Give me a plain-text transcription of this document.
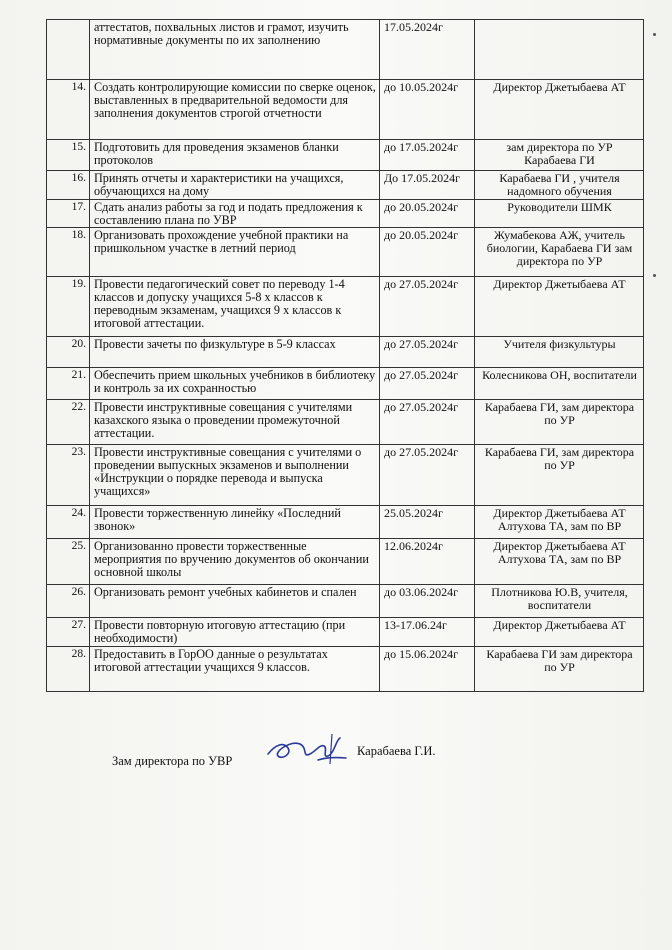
	аттестатов, похвальных листов и грамот, изучить нормативные документы по их заполнению	17.05.2024г	
14.	Создать контролирующие комиссии по сверке оценок, выставленных в предварительной ведомости для заполнения документов строгой отчетности	до 10.05.2024г	Директор Джетыбаева АТ
15.	Подготовить для проведения экзаменов бланки протоколов	до 17.05.2024г	зам директора по УР Карабаева ГИ
16.	Принять отчеты и характеристики на учащихся, обучающихся на дому	До 17.05.2024г	Карабаева ГИ , учителя надомного обучения
17.	Сдать анализ работы за год и подать предложения к составлению плана по УВР	до 20.05.2024г	Руководители ШМК
18.	Организовать прохождение учебной практики на пришкольном участке в летний период	до 20.05.2024г	Жумабекова АЖ, учитель биологии, Карабаева ГИ зам директора по УР
19.	Провести педагогический совет по переводу 1-4 классов и допуску учащихся 5-8 х классов к переводным экзаменам, учащихся 9 х классов к итоговой аттестации.	до 27.05.2024г	Директор Джетыбаева АТ
20.	Провести зачеты по физкультуре в 5-9 классах	до 27.05.2024г	Учителя физкультуры
21.	Обеспечить прием школьных учебников в библиотеку и контроль за их сохранностью	до 27.05.2024г	Колесникова ОН, воспитатели
22.	Провести инструктивные совещания с учителями казахского языка о проведении промежуточной аттестации.	до 27.05.2024г	Карабаева ГИ, зам директора по УР
23.	Провести инструктивные совещания с учителями о проведении выпускных экзаменов и выполнении «Инструкции о порядке перевода и выпуска учащихся»	до 27.05.2024г	Карабаева ГИ, зам директора по УР
24.	Провести торжественную линейку «Последний звонок»	25.05.2024г	Директор Джетыбаева АТ Алтухова ТА, зам по ВР
25.	Организованно провести торжественные мероприятия по вручению документов об окончании основной школы	12.06.2024г	Директор Джетыбаева АТ Алтухова ТА, зам по ВР
26.	Организовать ремонт учебных кабинетов и спален	до 03.06.2024г	Плотникова Ю.В, учителя, воспитатели
27.	Провести повторную итоговую аттестацию (при необходимости)	13-17.06.24г	Директор Джетыбаева АТ
28.	Предоставить в ГорОО данные о результатах итоговой аттестации учащихся 9 классов.	до 15.06.2024г	Карабаева ГИ зам директора по УР
Зам директора по УВР
Карабаева Г.И.
